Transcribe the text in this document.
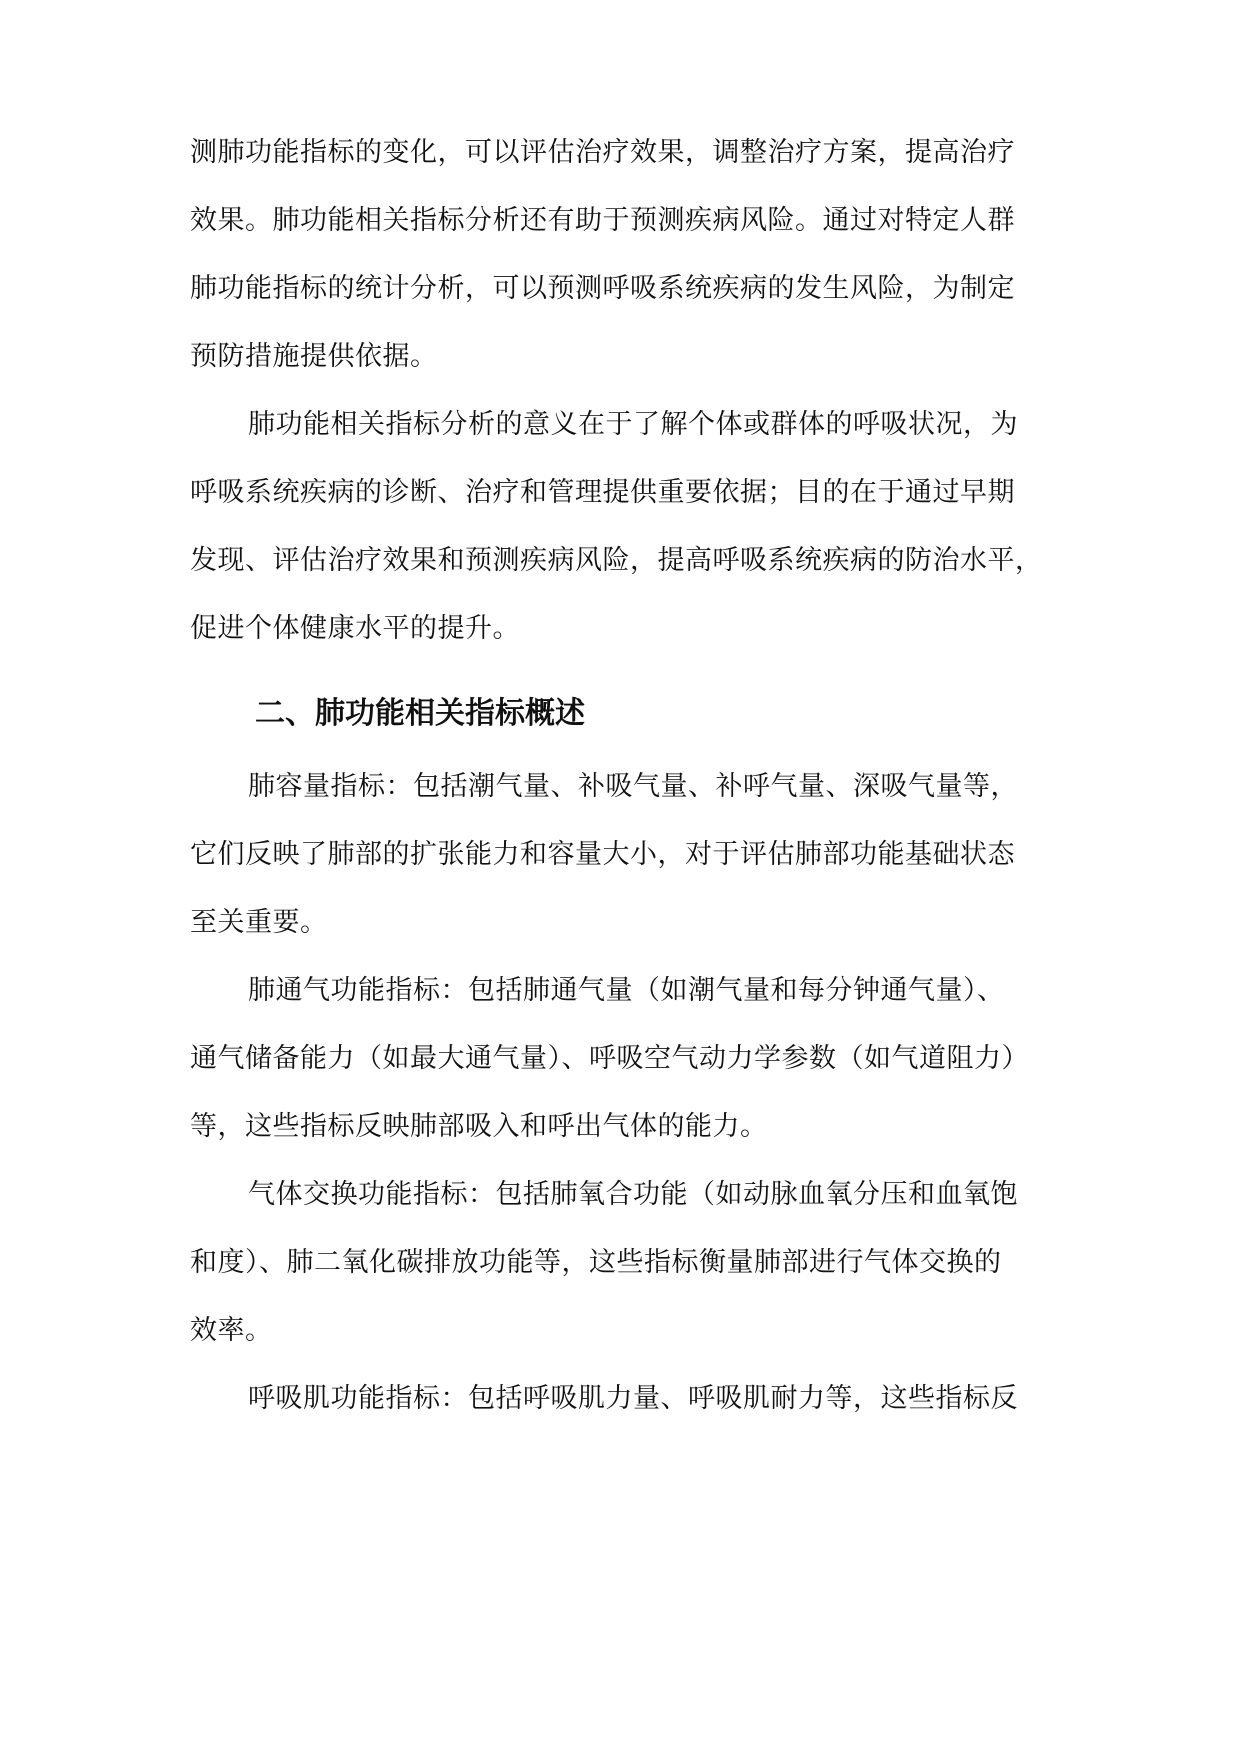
测肺功能指标的变化，可以评估治疗效果，调整治疗方案，提高治疗
效果。肺功能相关指标分析还有助于预测疾病风险。通过对特定人群
肺功能指标的统计分析，可以预测呼吸系统疾病的发生风险，为制定
预防措施提供依据。
肺功能相关指标分析的意义在于了解个体或群体的呼吸状况，为
呼吸系统疾病的诊断、治疗和管理提供重要依据；目的在于通过早期
发现、评估治疗效果和预测疾病风险，提高呼吸系统疾病的防治水平，
促进个体健康水平的提升。
二、肺功能相关指标概述
肺容量指标：包括潮气量、补吸气量、补呼气量、深吸气量等，
它们反映了肺部的扩张能力和容量大小，对于评估肺部功能基础状态
至关重要。
肺通气功能指标：包括肺通气量（如潮气量和每分钟通气量）、
通气储备能力（如最大通气量）、呼吸空气动力学参数（如气道阻力）
等，这些指标反映肺部吸入和呼出气体的能力。
气体交换功能指标：包括肺氧合功能（如动脉血氧分压和血氧饱
和度）、肺二氧化碳排放功能等，这些指标衡量肺部进行气体交换的
效率。
呼吸肌功能指标：包括呼吸肌力量、呼吸肌耐力等，这些指标反
